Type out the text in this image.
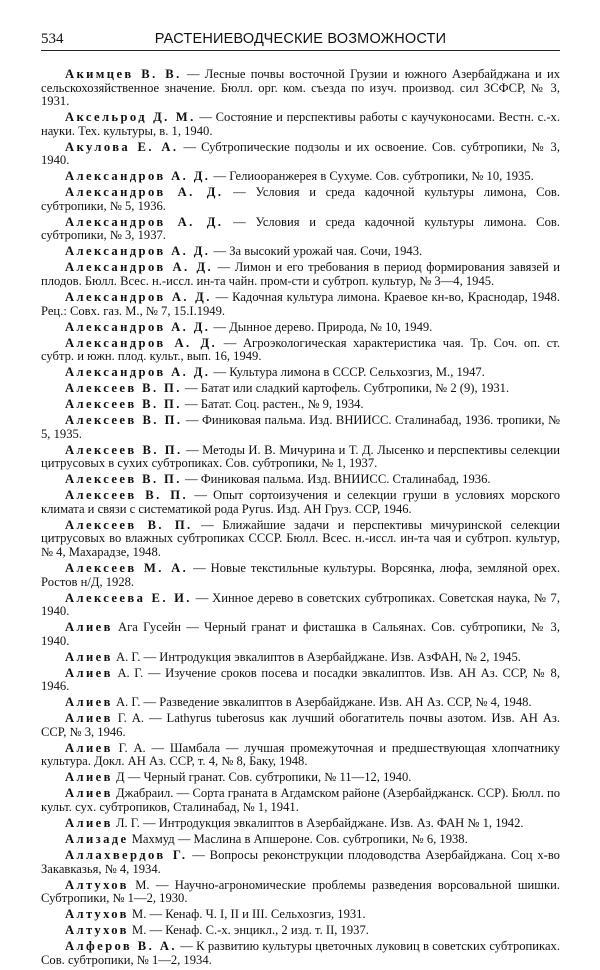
534	РАСТЕНИЕВОДЧЕСКИЕ ВОЗМОЖНОСТИ

Акимцев В. В. — Лесные почвы восточной Грузии и южного Азербайджана и их сельскохозяйственное значение. Бюлл. орг. ком. съезда по изуч. производ. сил ЗСФСР, № 3, 1931.

Аксельрод Д. М. — Состояние и перспективы работы с каучуконосами. Вестн. с.-х. науки. Тех. культуры, в. 1, 1940.

Акулова Е. А. — Субтропические подзолы и их освоение. Сов. субтропики, № 3, 1940.

Александров А. Д. — Гелиооранжерея в Сухуме. Сов. субтропики, № 10, 1935.

Александров А. Д. — Условия и среда кадочной культуры лимона, Сов. субтропики, № 5, 1936.

Александров А. Д. — Условия и среда кадочной культуры лимона. Сов. субтропики, № 3, 1937.

Александров А. Д. — За высокий урожай чая. Сочи, 1943.

Александров А. Д. — Лимон и его требования в период формирования завязей и плодов. Бюлл. Всес. н.-иссл. ин-та чайн. пром-сти и субтроп. культур, № 3—4, 1945.

Александров А. Д. — Кадочная культура лимона. Краевое кн-во, Краснодар, 1948. Рец.: Совх. газ. М., № 7, 15.I.1949.

Александров А. Д. — Дынное дерево. Природа, № 10, 1949.

Александров А. Д. — Агроэкологическая характеристика чая. Тр. Соч. оп. ст. субтр. и южн. плод. культ., вып. 16, 1949.

Александров А. Д. — Культура лимона в СССР. Сельхозгиз, М., 1947.

Алексеев В. П. — Батат или сладкий картофель. Субтропики, № 2 (9), 1931.

Алексеев В. П. — Батат. Соц. растен., № 9, 1934.

Алексеев В. П. — Финиковая пальма. Изд. ВНИИСС. Сталинабад, 1936. тропики, № 5, 1935.

Алексеев В. П. — Методы И. В. Мичурина и Т. Д. Лысенко и перспективы селекции цитрусовых в сухих субтропиках. Сов. субтропики, № 1, 1937.

Алексеев В. П. — Финиковая пальма. Изд. ВНИИСС. Сталинабад, 1936.

Алексеев В. П. — Опыт сортоизучения и селекции груши в условиях морского климата и связи с систематикой рода Pyrus. Изд. АН Груз. ССР, 1946.

Алексеев В. П. — Ближайшие задачи и перспективы мичуринской селекции цитрусовых во влажных субтропиках СССР. Бюлл. Всес. н.-иссл. ин-та чая и субтроп. культур, № 4, Махарадзе, 1948.

Алексеев М. А. — Новые текстильные культуры. Ворсянка, люфа, земляной орех. Ростов н/Д, 1928.

Алексеева Е. И. — Хинное дерево в советских субтропиках. Советская наука, № 7, 1940.

Алиев Ага Гусейн — Черный гранат и фисташка в Сальянах. Сов. субтропики, № 3, 1940.

Алиев А. Г. — Интродукция эвкалиптов в Азербайджане. Изв. АзФАН, № 2, 1945.

Алиев А. Г. — Изучение сроков посева и посадки эвкалиптов. Изв. АН Аз. ССР, № 8, 1946.

Алиев А. Г. — Разведение эвкалиптов в Азербайджане. Изв. АН Аз. ССР, № 4, 1948.

Алиев Г. А. — Lathyrus tuberosus как лучший обогатитель почвы азотом. Изв. АН Аз. ССР, № 3, 1946.

Алиев Г. А. — Шамбала — лучшая промежуточная и предшествующая хлопчатнику культура. Докл. АН Аз. ССР, т. 4, № 8, Баку, 1948.

Алиев Д — Черный гранат. Сов. субтропики, № 11—12, 1940.

Алиев Джабраил. — Сорта граната в Агдамском районе (Азербайджанск. ССР). Бюлл. по культ. сух. субтропиков, Сталинабад, № 1, 1941.

Алиев Л. Г. — Интродукция эвкалиптов в Азербайджане. Изв. Аз. ФАН № 1, 1942.

Ализаде Махмуд — Маслина в Апшероне. Сов. субтропики, № 6, 1938.

Аллахвердов Г. — Вопросы реконструкции плодоводства Азербайджана. Соц х-во Закавказья, № 4, 1934.

Алтухов М. — Научно-агрономические проблемы разведения ворсовальной шишки. Субтропики, № 1—2, 1930.

Алтухов М. — Кенаф. Ч. I, II и III. Сельхозгиз, 1931.

Алтухов М. — Кенаф. С.-х. энцикл., 2 изд. т. II, 1937.

Алферов В. А. — К развитию культуры цветочных луковиц в советских субтропиках. Сов. субтропики, № 1—2, 1934.
